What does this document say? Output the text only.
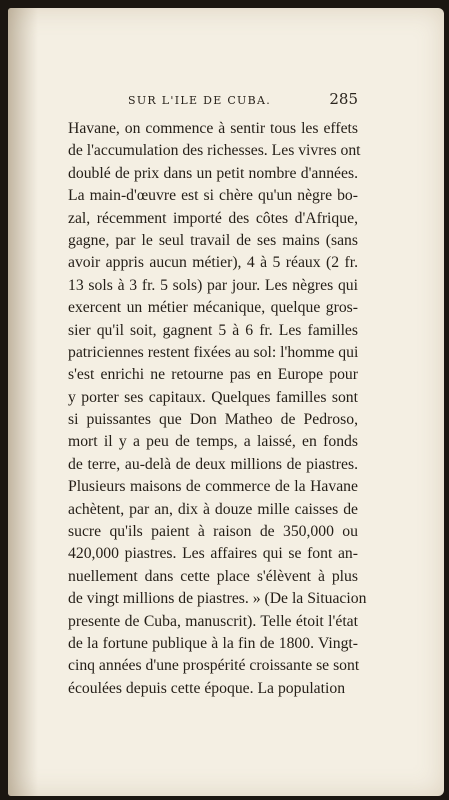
SUR L'ILE DE CUBA.	285
Havane, on commence à sentir tous les effets
de l'accumulation des richesses. Les vivres ont
doublé de prix dans un petit nombre d'années.
La main-d'œuvre est si chère qu'un nègre bo-
zal, récemment importé des côtes d'Afrique,
gagne, par le seul travail de ses mains (sans
avoir appris aucun métier), 4 à 5 réaux (2 fr.
13 sols à 3 fr. 5 sols) par jour. Les nègres qui
exercent un métier mécanique, quelque gros-
sier qu'il soit, gagnent 5 à 6 fr. Les familles
patriciennes restent fixées au sol: l'homme qui
s'est enrichi ne retourne pas en Europe pour
y porter ses capitaux. Quelques familles sont
si puissantes que Don Matheo de Pedroso,
mort il y a peu de temps, a laissé, en fonds
de terre, au-delà de deux millions de piastres.
Plusieurs maisons de commerce de la Havane
achètent, par an, dix à douze mille caisses de
sucre qu'ils paient à raison de 350,000 ou
420,000 piastres. Les affaires qui se font an-
nuellement dans cette place s'élèvent à plus
de vingt millions de piastres. » (De la Situacion
presente de Cuba, manuscrit). Telle étoit l'état
de la fortune publique à la fin de 1800. Vingt-
cinq années d'une prospérité croissante se sont
écoulées depuis cette époque. La population
